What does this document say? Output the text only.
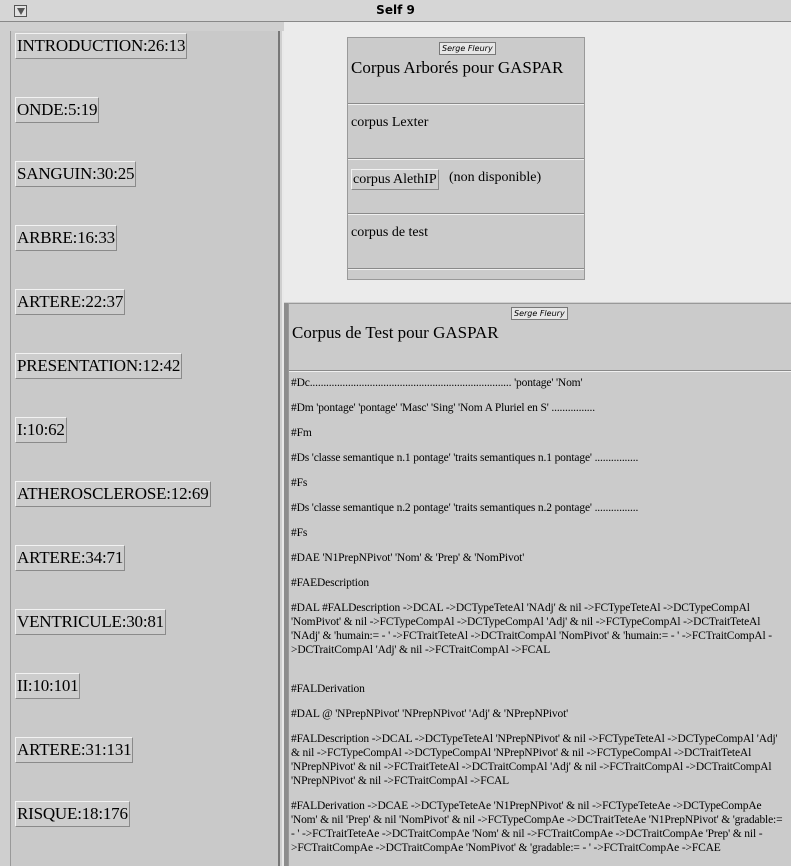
Self 9
INTRODUCTION:26:13
ONDE:5:19
SANGUIN:30:25
ARBRE:16:33
ARTERE:22:37
PRESENTATION:12:42
I:10:62
ATHEROSCLEROSE:12:69
ARTERE:34:71
VENTRICULE:30:81
II:10:101
ARTERE:31:131
RISQUE:18:176
Serge Fleury
Corpus Arborés pour GASPAR
corpus Lexter
corpus AlethIP (non disponible)
corpus de test
Serge Fleury
Corpus de Test pour GASPAR
#Dc.......................................................................... 'pontage' 'Nom'
#Dm 'pontage' 'pontage' 'Masc' 'Sing' 'Nom A Pluriel en S' ................
#Fm
#Ds 'classe semantique n.1 pontage' 'traits semantiques n.1 pontage' ................
#Fs
#Ds 'classe semantique n.2 pontage' 'traits semantiques n.2 pontage' ................
#Fs
#DAE 'N1PrepNPivot' 'Nom' & 'Prep' & 'NomPivot'
#FAEDescription
#DAL #FALDescription ->DCAL ->DCTypeTeteAl 'NAdj' & nil ->FCTypeTeteAl ->DCTypeCompAl 'NomPivot' & nil ->FCTypeCompAl ->DCTypeCompAl 'Adj' & nil ->FCTypeCompAl ->DCTraitTeteAl 'NAdj' & 'humain:= - ' ->FCTraitTeteAl ->DCTraitCompAl 'NomPivot' & 'humain:= - ' ->FCTraitCompAl ->DCTraitCompAl 'Adj' & nil ->FCTraitCompAl ->FCAL
#FALDerivation
#DAL @ 'NPrepNPivot' 'NPrepNPivot' 'Adj' & 'NPrepNPivot'
#FALDescription ->DCAL ->DCTypeTeteAl 'NPrepNPivot' & nil ->FCTypeTeteAl ->DCTypeCompAl 'Adj' & nil ->FCTypeCompAl ->DCTypeCompAl 'NPrepNPivot' & nil ->FCTypeCompAl ->DCTraitTeteAl 'NPrepNPivot' & nil ->FCTraitTeteAl ->DCTraitCompAl 'Adj' & nil ->FCTraitCompAl ->DCTraitCompAl 'NPrepNPivot' & nil ->FCTraitCompAl ->FCAL
#FALDerivation ->DCAE ->DCTypeTeteAe 'N1PrepNPivot' & nil ->FCTypeTeteAe ->DCTypeCompAe 'Nom' & nil 'Prep' & nil 'NomPivot' & nil ->FCTypeCompAe ->DCTraitTeteAe 'N1PrepNPivot' & 'gradable:= - ' ->FCTraitTeteAe ->DCTraitCompAe 'Nom' & nil ->FCTraitCompAe ->DCTraitCompAe 'Prep' & nil ->FCTraitCompAe ->DCTraitCompAe 'NomPivot' & 'gradable:= - ' ->FCTraitCompAe ->FCAE
